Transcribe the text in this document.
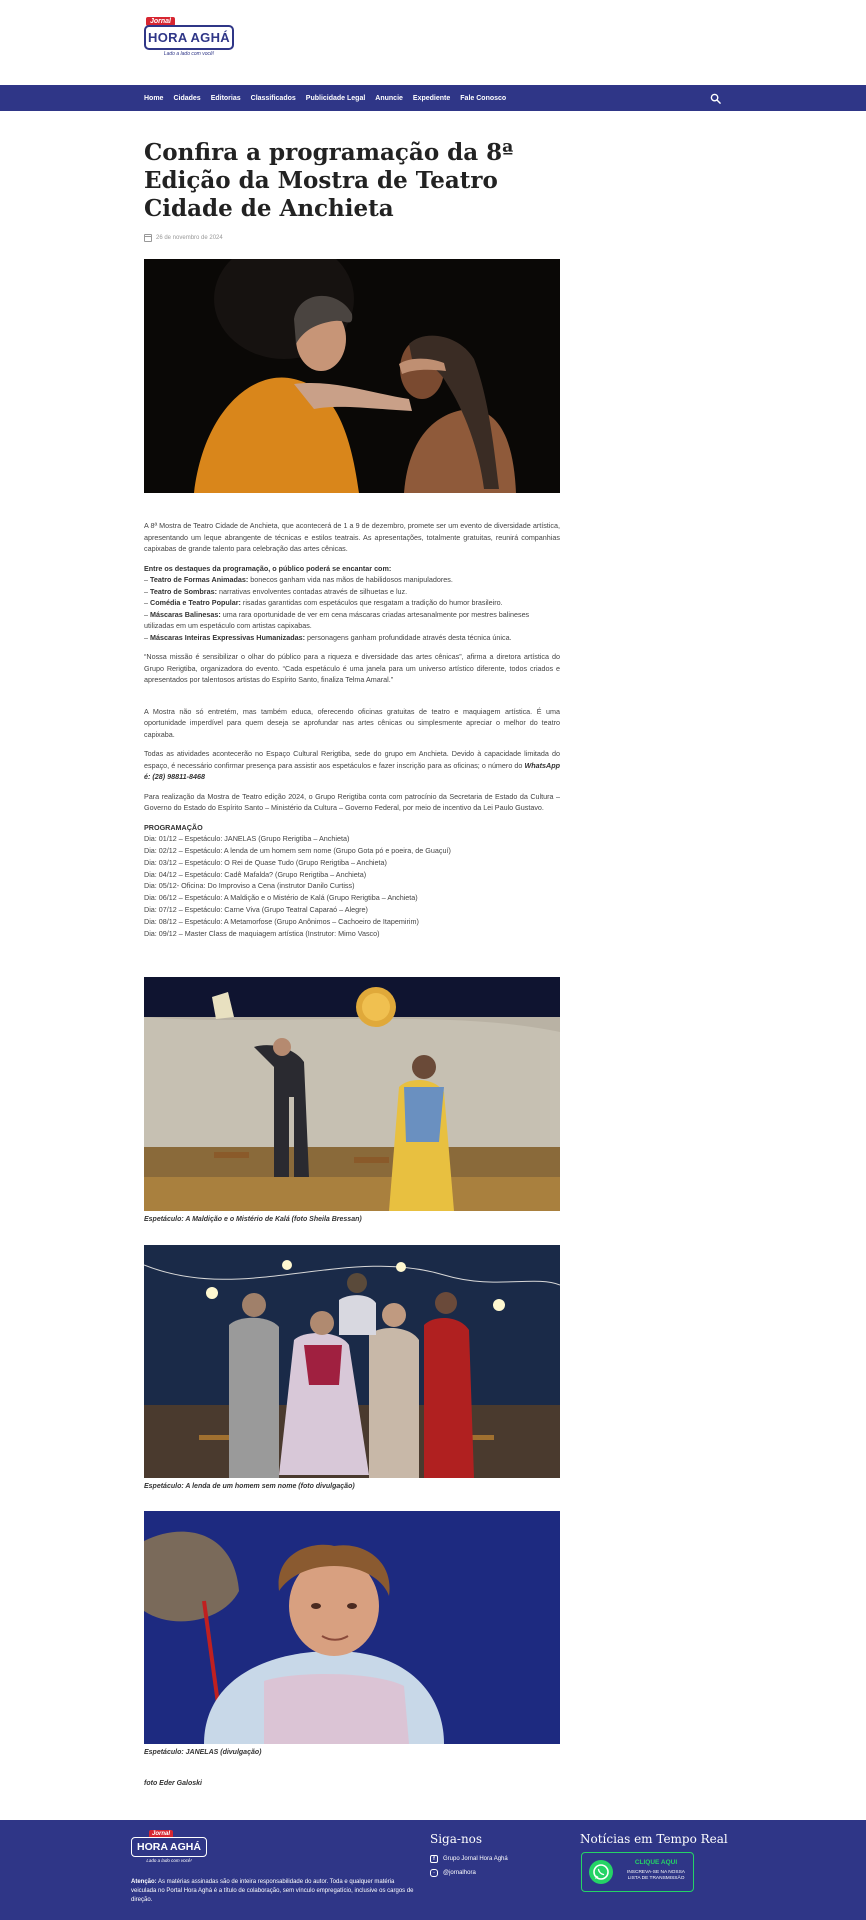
Jornal
HORA AGHÁ
Lado a lado com você!
Home Cidades Editorias Classificados Publicidade Legal Anuncie Expediente Fale Conosco
Confira a programação da 8ª Edição da Mostra de Teatro Cidade de Anchieta
26 de novembro de 2024

A 8ª Mostra de Teatro Cidade de Anchieta, que acontecerá de 1 a 9 de dezembro, promete ser um evento de diversidade artística, apresentando um leque abrangente de técnicas e estilos teatrais. As apresentações, totalmente gratuitas, reunirá companhias capixabas de grande talento para celebração das artes cênicas.

Entre os destaques da programação, o público poderá se encantar com:
– Teatro de Formas Animadas: bonecos ganham vida nas mãos de habilidosos manipuladores.
– Teatro de Sombras: narrativas envolventes contadas através de silhuetas e luz.
– Comédia e Teatro Popular: risadas garantidas com espetáculos que resgatam a tradição do humor brasileiro.
– Máscaras Balinesas: uma rara oportunidade de ver em cena máscaras criadas artesanalmente por mestres balineses utilizadas em um espetáculo com artistas capixabas.
– Máscaras Inteiras Expressivas Humanizadas: personagens ganham profundidade através desta técnica única.

“Nossa missão é sensibilizar o olhar do público para a riqueza e diversidade das artes cênicas”, afirma a diretora artística do Grupo Rerigtiba, organizadora do evento. “Cada espetáculo é uma janela para um universo artístico diferente, todos criados e apresentados por talentosos artistas do Espírito Santo, finaliza Telma Amaral.”

A Mostra não só entretém, mas também educa, oferecendo oficinas gratuitas de teatro e maquiagem artística. É uma oportunidade imperdível para quem deseja se aprofundar nas artes cênicas ou simplesmente apreciar o melhor do teatro capixaba.

Todas as atividades acontecerão no Espaço Cultural Rerigtiba, sede do grupo em Anchieta. Devido à capacidade limitada do espaço, é necessário confirmar presença para assistir aos espetáculos e fazer inscrição para as oficinas; o número do WhatsApp é: (28) 98811-8468

Para realização da Mostra de Teatro edição 2024, o Grupo Rerigtiba conta com patrocínio da Secretaria de Estado da Cultura – Governo do Estado do Espírito Santo – Ministério da Cultura – Governo Federal, por meio de incentivo da Lei Paulo Gustavo.

PROGRAMAÇÃO
Dia: 01/12 – Espetáculo: JANELAS (Grupo Rerigtiba – Anchieta)
Dia: 02/12 – Espetáculo: A lenda de um homem sem nome (Grupo Gota pó e poeira, de Guaçuí)
Dia: 03/12 – Espetáculo: O Rei de Quase Tudo (Grupo Rerigtiba – Anchieta)
Dia: 04/12 – Espetáculo: Cadê Mafalda? (Grupo Rerigtiba – Anchieta)
Dia: 05/12- Oficina: Do Improviso a Cena (instrutor Danilo Curtiss)
Dia: 06/12 – Espetáculo: A Maldição e o Mistério de Kalá (Grupo Rerigtiba – Anchieta)
Dia: 07/12 – Espetáculo: Carne Viva (Grupo Teatral Caparaó – Alegre)
Dia: 08/12 – Espetáculo: A Metamorfose (Grupo Anônimos – Cachoeiro de Itapemirim)
Dia: 09/12 – Master Class de maquiagem artística (Instrutor: Mimo Vasco)

Espetáculo: A Maldição e o Mistério de Kalá (foto Sheila Bressan)
Espetáculo: A lenda de um homem sem nome (foto divulgação)
Espetáculo: JANELAS (divulgação)
foto Eder Galoski
Jornal
HORA AGHÁ
Lado a lado com você!
Atenção: As matérias assinadas são de inteira responsabilidade do autor. Toda e qualquer matéria veiculada no Portal Hora Aghá é a título de colaboração, sem vínculo empregatício, inclusive os cargos de direção.
Siga-nos
f	Grupo Jornal Hora Aghá
◦	@jornalhora
Notícias em Tempo Real
CLIQUE AQUI
INSCREVA-SE NA NOSSA LISTA DE TRANSMISSÃO
